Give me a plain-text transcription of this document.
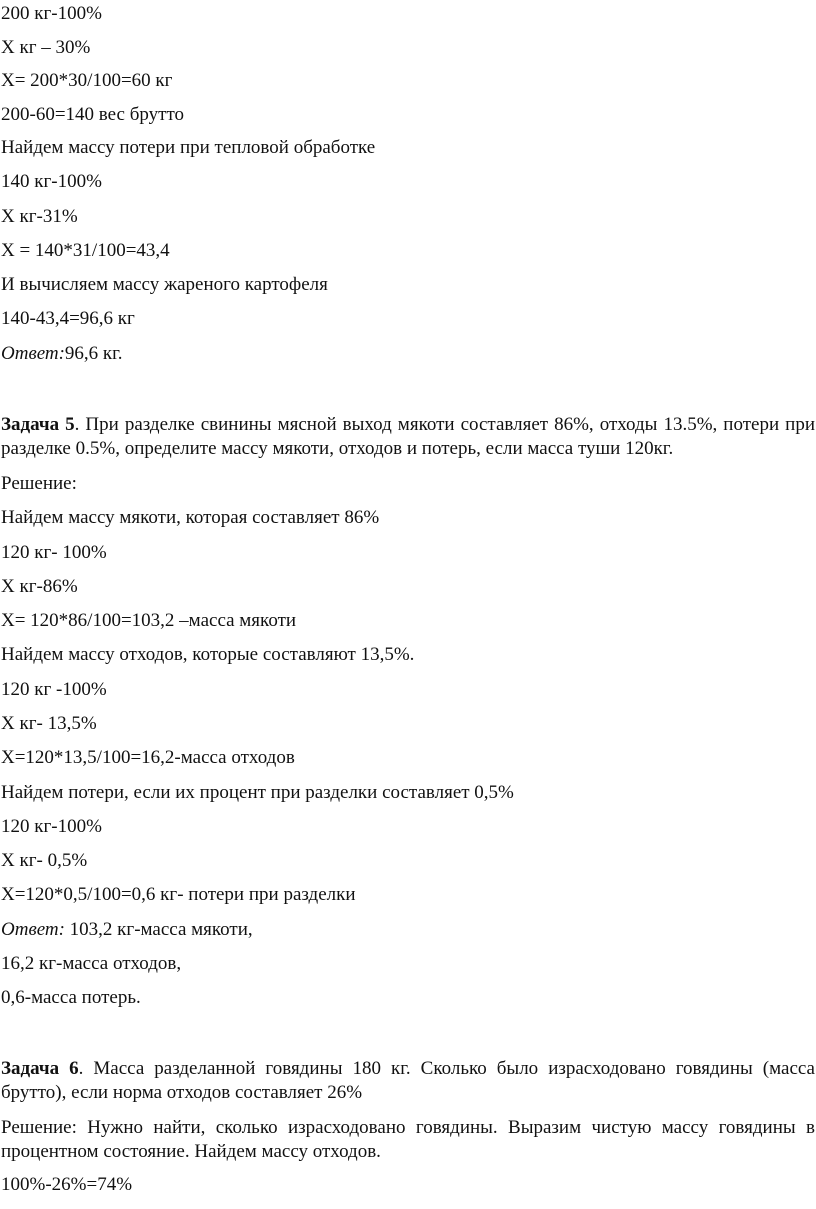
200 кг-100%
Х кг – 30%
Х= 200*30/100=60 кг
200-60=140 вес брутто
Найдем массу потери при тепловой обработке
140 кг-100%
Х кг-31%
Х = 140*31/100=43,4
И вычисляем массу жареного картофеля
140-43,4=96,6 кг
Ответ:96,6 кг.
Задача 5. При разделке свинины мясной выход мякоти составляет 86%, отходы 13.5%, потери при разделке 0.5%, определите массу мякоти, отходов и потерь, если масса туши 120кг.
Решение:
Найдем массу мякоти, которая составляет 86%
120 кг- 100%
Х кг-86%
Х= 120*86/100=103,2 –масса мякоти
Найдем массу отходов, которые составляют 13,5%.
120 кг -100%
Х кг- 13,5%
Х=120*13,5/100=16,2-масса отходов
Найдем потери, если их процент при разделки составляет 0,5%
120 кг-100%
Х кг- 0,5%
Х=120*0,5/100=0,6 кг- потери при разделки
Ответ: 103,2 кг-масса мякоти,
16,2 кг-масса отходов,
0,6-масса потерь.
Задача 6. Масса разделанной говядины 180 кг. Сколько было израсходовано говядины (масса брутто), если норма отходов составляет 26%
Решение: Нужно найти, сколько израсходовано говядины. Выразим чистую массу говядины в процентном состояние. Найдем массу отходов.
100%-26%=74%
